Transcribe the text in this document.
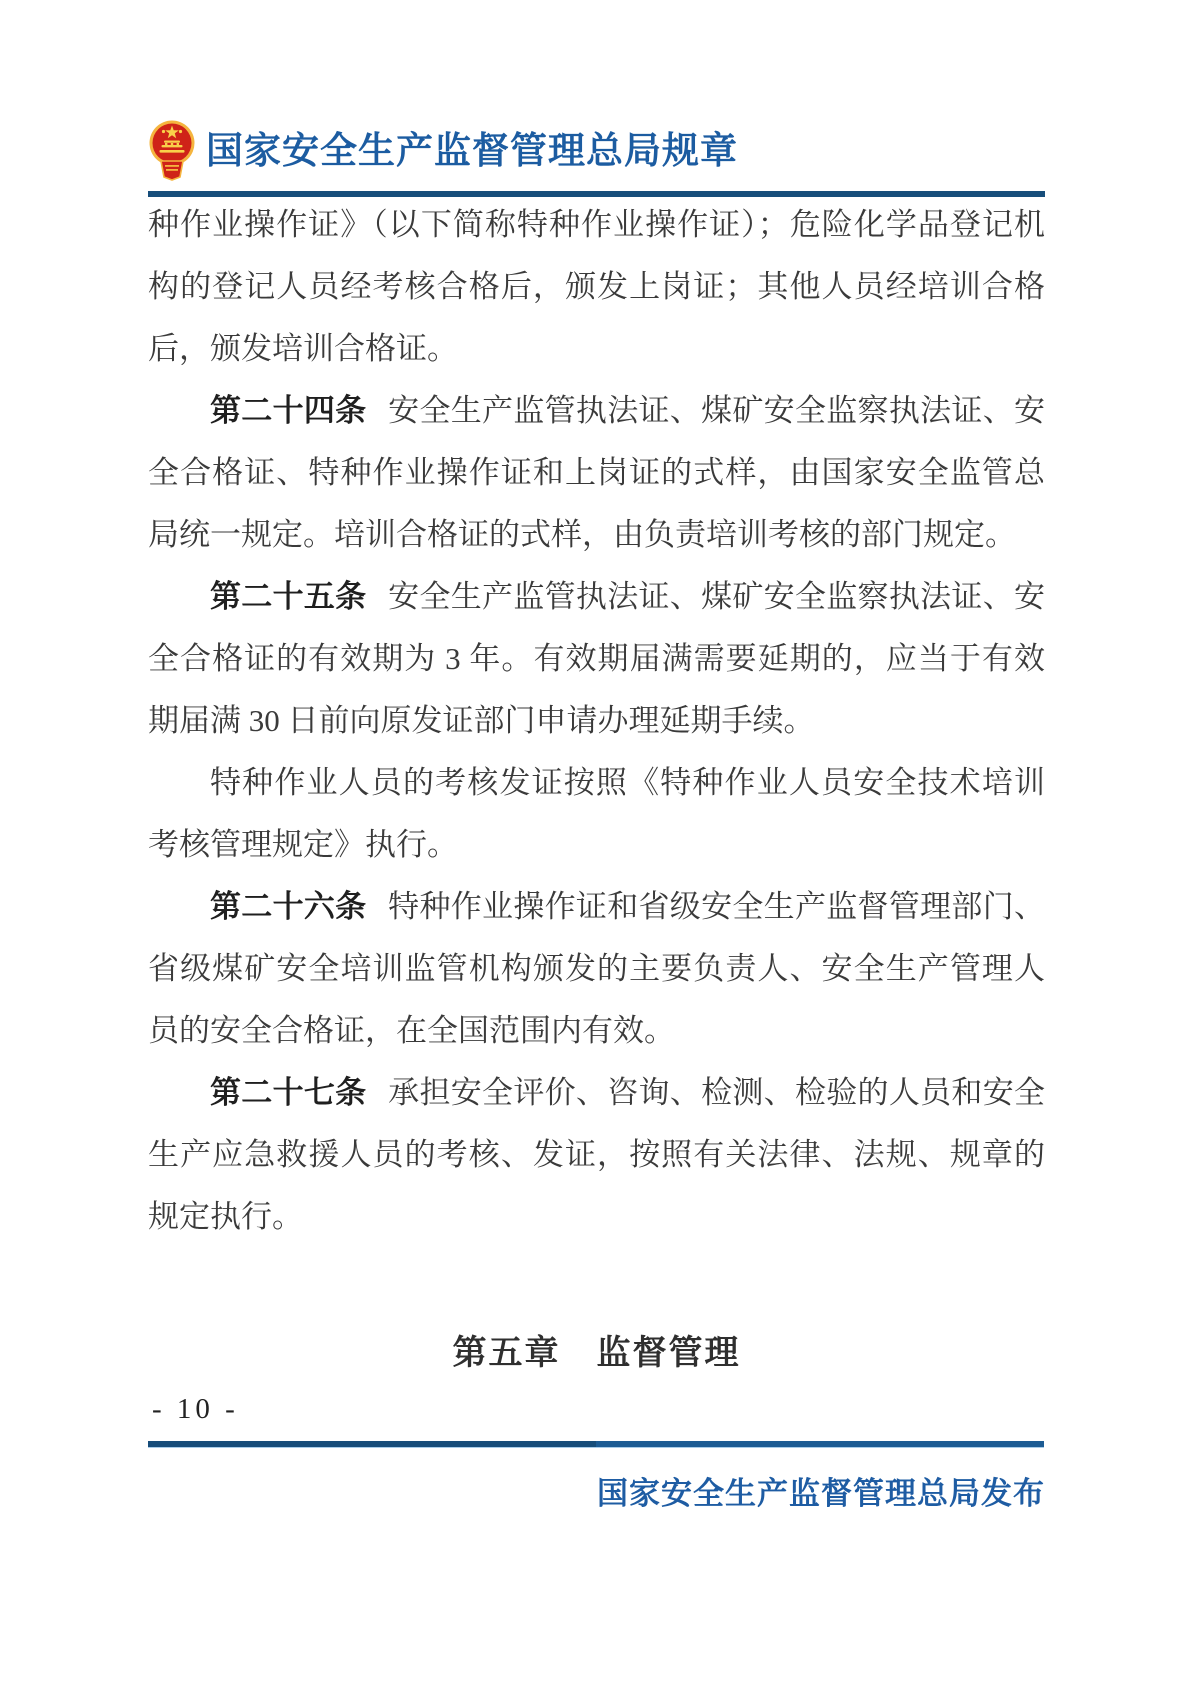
国家安全生产监督管理总局规章

种作业操作证》（以下简称特种作业操作证）；危险化学品登记机构的登记人员经考核合格后，颁发上岗证；其他人员经培训合格后，颁发培训合格证。

第二十四条 安全生产监管执法证、煤矿安全监察执法证、安全合格证、特种作业操作证和上岗证的式样，由国家安全监管总局统一规定。培训合格证的式样，由负责培训考核的部门规定。

第二十五条 安全生产监管执法证、煤矿安全监察执法证、安全合格证的有效期为 3 年。有效期届满需要延期的，应当于有效期届满 30 日前向原发证部门申请办理延期手续。

特种作业人员的考核发证按照《特种作业人员安全技术培训考核管理规定》执行。

第二十六条 特种作业操作证和省级安全生产监督管理部门、省级煤矿安全培训监管机构颁发的主要负责人、安全生产管理人员的安全合格证，在全国范围内有效。

第二十七条 承担安全评价、咨询、检测、检验的人员和安全生产应急救援人员的考核、发证，按照有关法律、法规、规章的规定执行。

第五章　监督管理
- 10 -
国家安全生产监督管理总局发布
